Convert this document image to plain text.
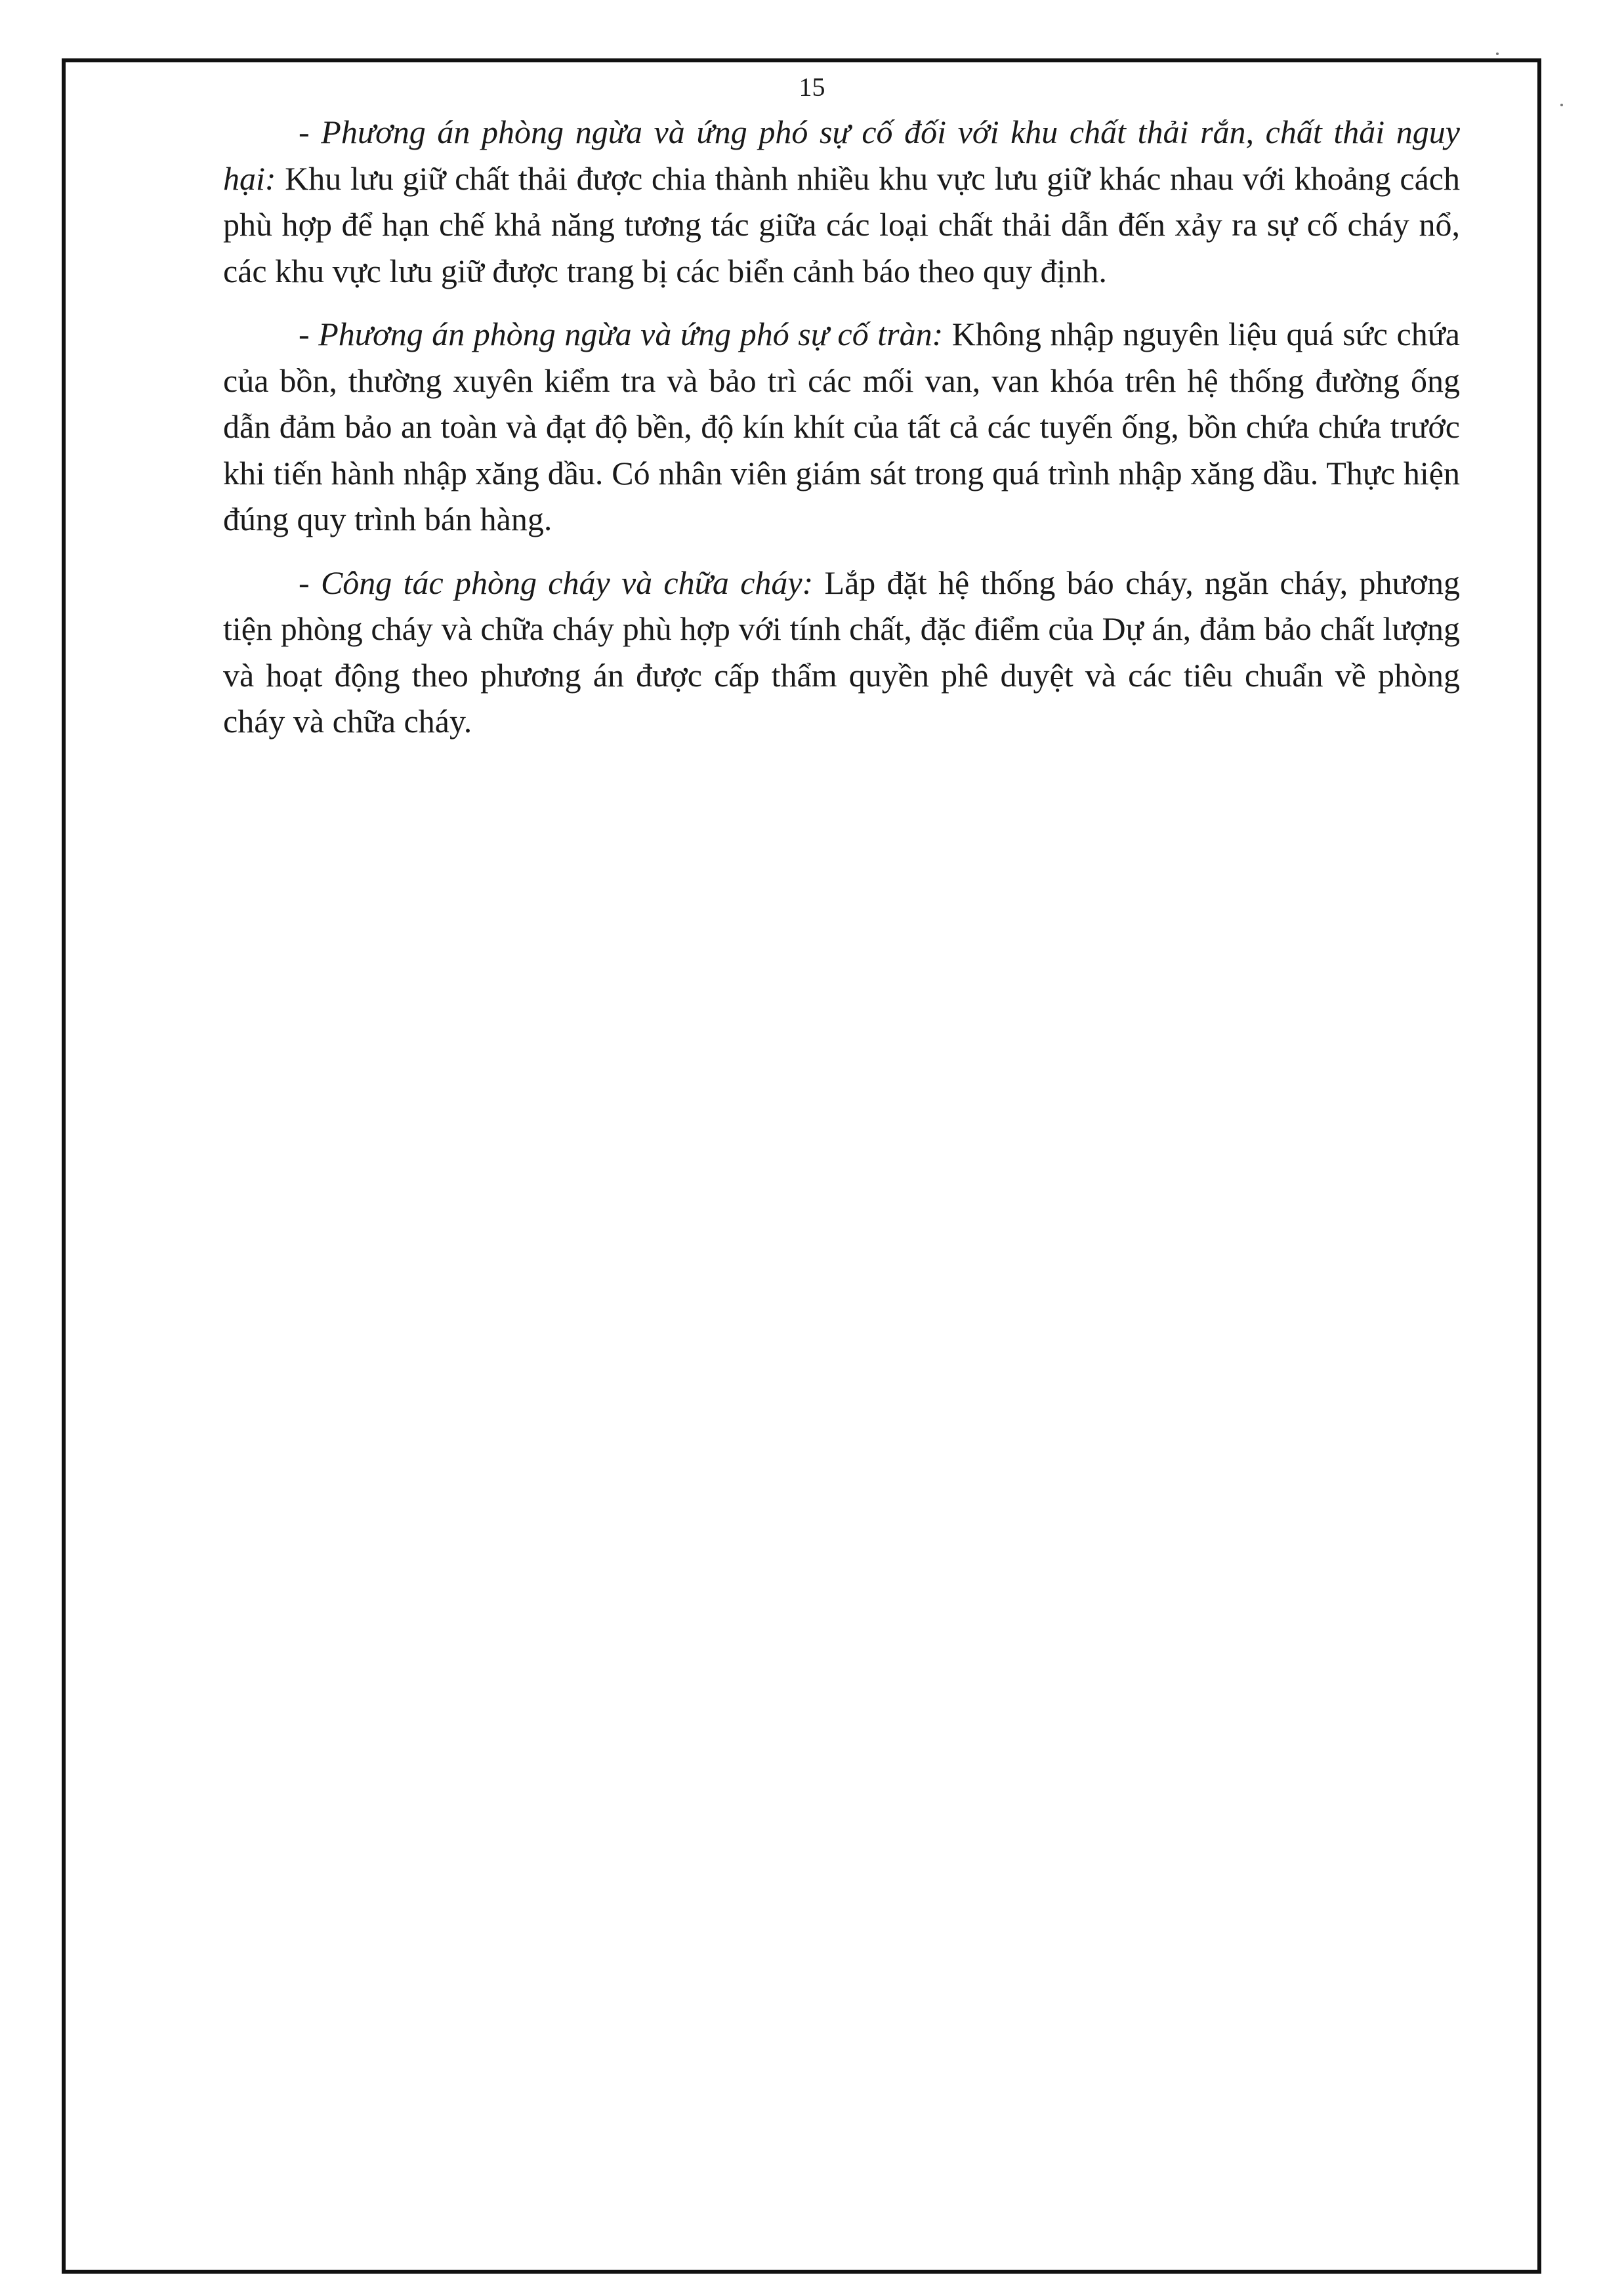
15

- Phương án phòng ngừa và ứng phó sự cố đối với khu chất thải rắn, chất thải nguy hại: Khu lưu giữ chất thải được chia thành nhiều khu vực lưu giữ khác nhau với khoảng cách phù hợp để hạn chế khả năng tương tác giữa các loại chất thải dẫn đến xảy ra sự cố cháy nổ, các khu vực lưu giữ được trang bị các biển cảnh báo theo quy định.

- Phương án phòng ngừa và ứng phó sự cố tràn: Không nhập nguyên liệu quá sức chứa của bồn, thường xuyên kiểm tra và bảo trì các mối van, van khóa trên hệ thống đường ống dẫn đảm bảo an toàn và đạt độ bền, độ kín khít của tất cả các tuyến ống, bồn chứa chứa trước khi tiến hành nhập xăng dầu. Có nhân viên giám sát trong quá trình nhập xăng dầu. Thực hiện đúng quy trình bán hàng.

- Công tác phòng cháy và chữa cháy: Lắp đặt hệ thống báo cháy, ngăn cháy, phương tiện phòng cháy và chữa cháy phù hợp với tính chất, đặc điểm của Dự án, đảm bảo chất lượng và hoạt động theo phương án được cấp thẩm quyền phê duyệt và các tiêu chuẩn về phòng cháy và chữa cháy.
